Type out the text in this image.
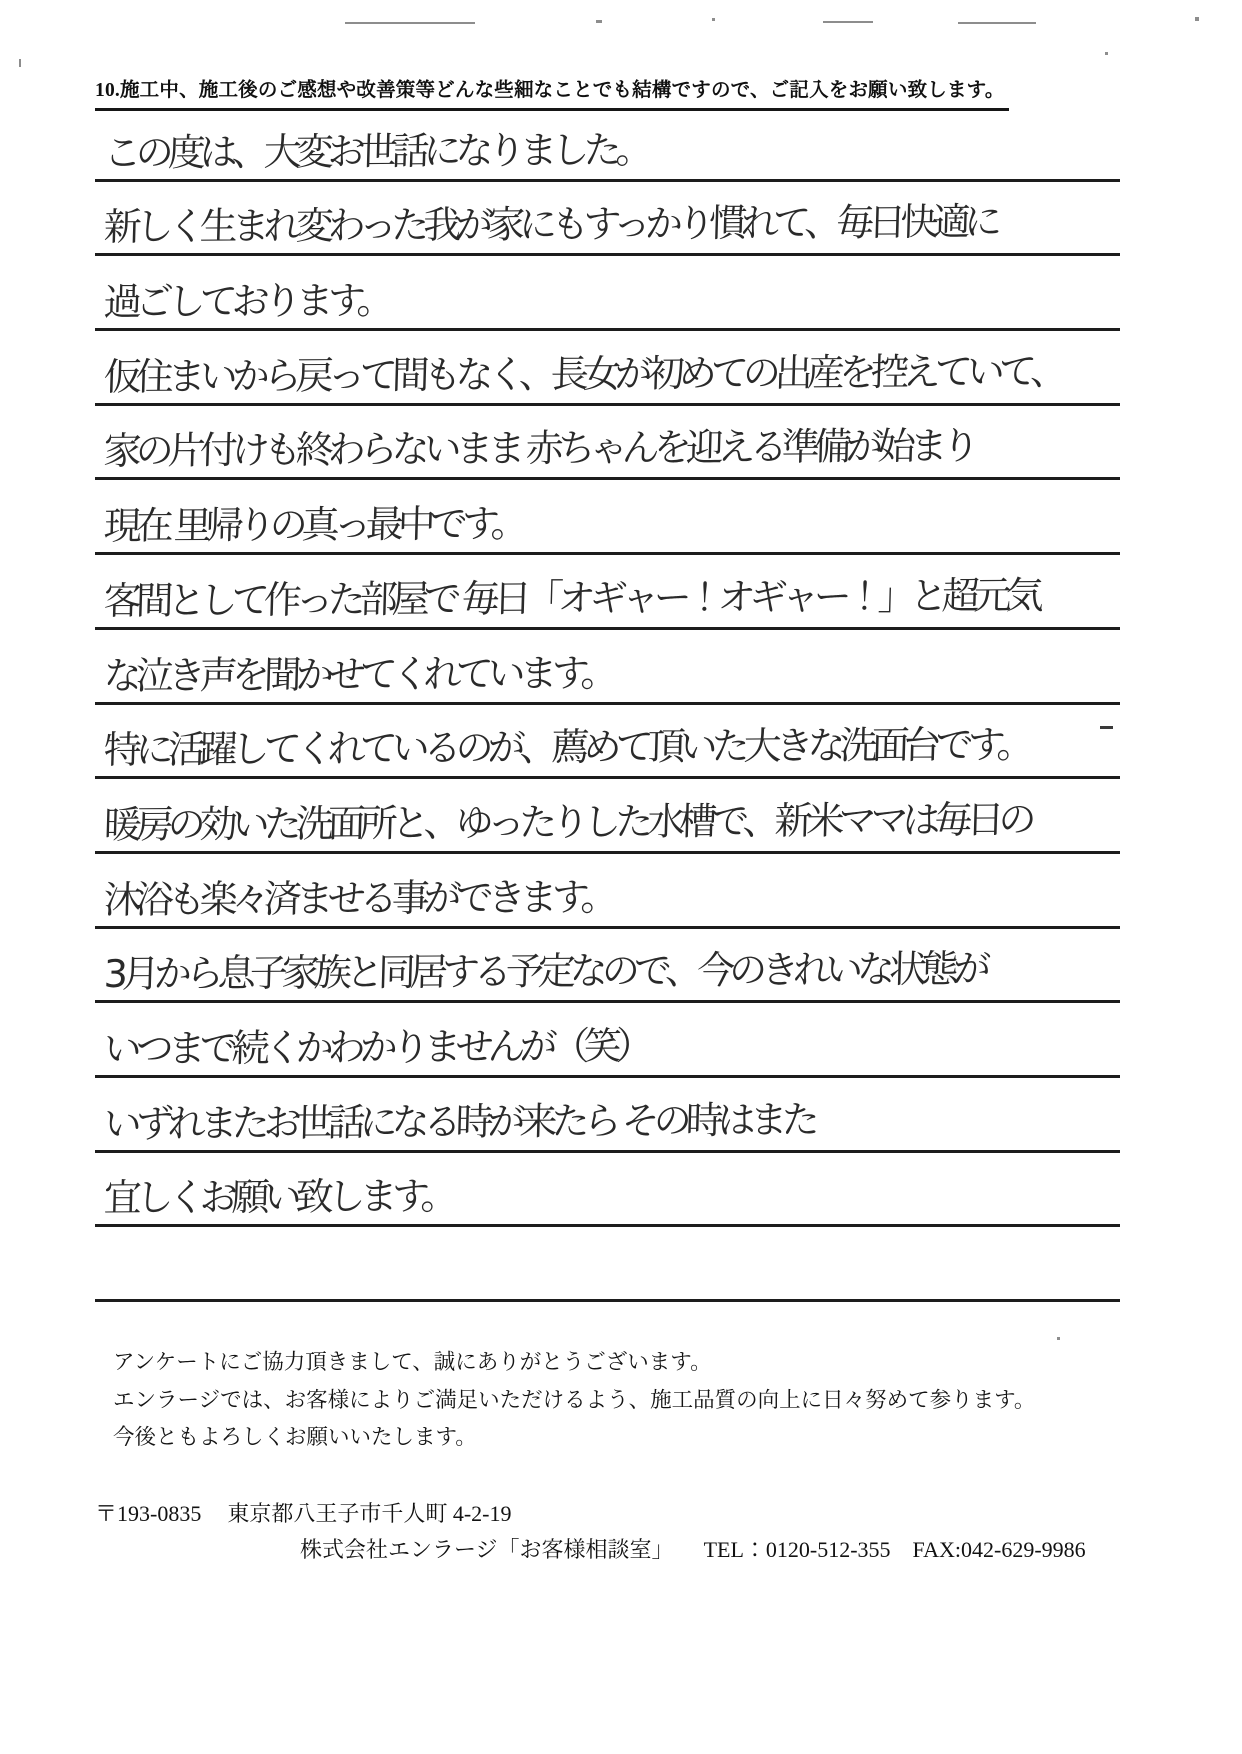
10.施工中、施工後のご感想や改善策等どんな些細なことでも結構ですので、ご記入をお願い致します。
この度は、大変お世話になりました。
新しく生まれ変わった我が家にもすっかり慣れて、毎日快適に
過ごしております。
仮住まいから戻って間もなく、長女が初めての出産を控えていて、
家の片付けも終わらないまま 赤ちゃんを迎える準備が始まり
現在 里帰りの真っ最中です。
客間として作った部屋で 毎日「オギャー！オギャー！」と超元気
な泣き声を聞かせてくれています。
特に活躍してくれているのが、薦めて頂いた大きな洗面台です。
暖房の効いた洗面所と、ゆったりした水槽で、新米ママは毎日の
沐浴も楽々済ませる事ができます。
3月から息子家族と同居する予定なので、今のきれいな状態が
いつまで続くかわかりませんが（笑）
いずれまたお世話になる時が来たら その時はまた
宜しくお願い致します。
アンケートにご協力頂きまして、誠にありがとうございます。
エンラージでは、お客様によりご満足いただけるよう、施工品質の向上に日々努めて参ります。
今後ともよろしくお願いいたします。
〒193-0835 東京都八王子市千人町 4-2-19
株式会社エンラージ「お客様相談室」 TEL：0120-512-355 FAX:042-629-9986
